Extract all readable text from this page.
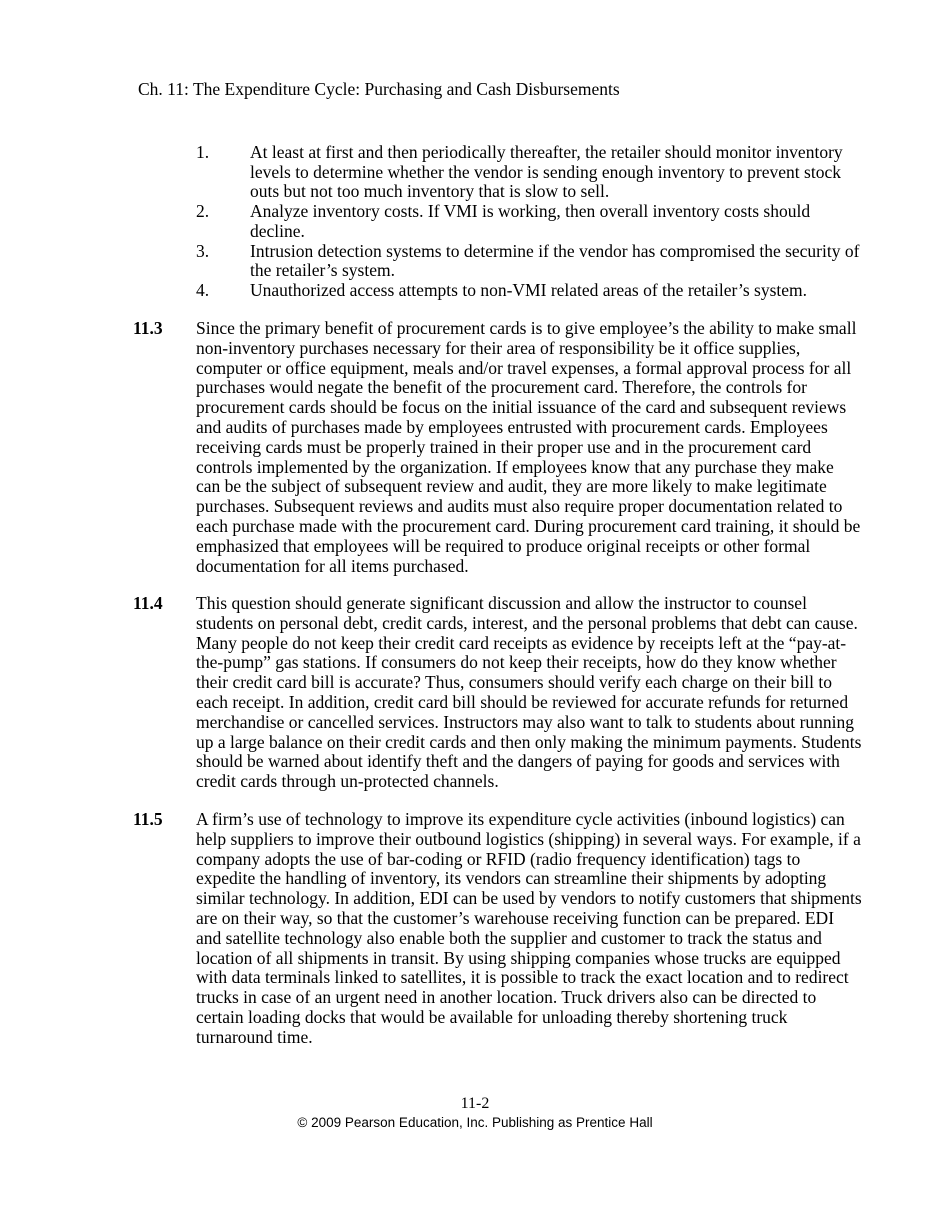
Ch. 11: The Expenditure Cycle: Purchasing and Cash Disbursements
1.	At least at first and then periodically thereafter, the retailer should monitor inventory levels to determine whether the vendor is sending enough inventory to prevent stock outs but not too much inventory that is slow to sell.
2.	Analyze inventory costs. If VMI is working, then overall inventory costs should decline.
3.	Intrusion detection systems to determine if the vendor has compromised the security of the retailer’s system.
4.	Unauthorized access attempts to non-VMI related areas of the retailer’s system.
11.3	Since the primary benefit of procurement cards is to give employee’s the ability to make small non-inventory purchases necessary for their area of responsibility be it office supplies, computer or office equipment, meals and/or travel expenses, a formal approval process for all purchases would negate the benefit of the procurement card. Therefore, the controls for procurement cards should be focus on the initial issuance of the card and subsequent reviews and audits of purchases made by employees entrusted with procurement cards. Employees receiving cards must be properly trained in their proper use and in the procurement card controls implemented by the organization. If employees know that any purchase they make can be the subject of subsequent review and audit, they are more likely to make legitimate purchases. Subsequent reviews and audits must also require proper documentation related to each purchase made with the procurement card. During procurement card training, it should be emphasized that employees will be required to produce original receipts or other formal documentation for all items purchased.
11.4	This question should generate significant discussion and allow the instructor to counsel students on personal debt, credit cards, interest, and the personal problems that debt can cause. Many people do not keep their credit card receipts as evidence by receipts left at the “pay-at-the-pump” gas stations. If consumers do not keep their receipts, how do they know whether their credit card bill is accurate? Thus, consumers should verify each charge on their bill to each receipt. In addition, credit card bill should be reviewed for accurate refunds for returned merchandise or cancelled services. Instructors may also want to talk to students about running up a large balance on their credit cards and then only making the minimum payments. Students should be warned about identify theft and the dangers of paying for goods and services with credit cards through un-protected channels.
11.5	A firm’s use of technology to improve its expenditure cycle activities (inbound logistics) can help suppliers to improve their outbound logistics (shipping) in several ways. For example, if a company adopts the use of bar-coding or RFID (radio frequency identification) tags to expedite the handling of inventory, its vendors can streamline their shipments by adopting similar technology. In addition, EDI can be used by vendors to notify customers that shipments are on their way, so that the customer’s warehouse receiving function can be prepared. EDI and satellite technology also enable both the supplier and customer to track the status and location of all shipments in transit. By using shipping companies whose trucks are equipped with data terminals linked to satellites, it is possible to track the exact location and to redirect trucks in case of an urgent need in another location. Truck drivers also can be directed to certain loading docks that would be available for unloading thereby shortening truck turnaround time.
11-2
© 2009 Pearson Education, Inc. Publishing as Prentice Hall
